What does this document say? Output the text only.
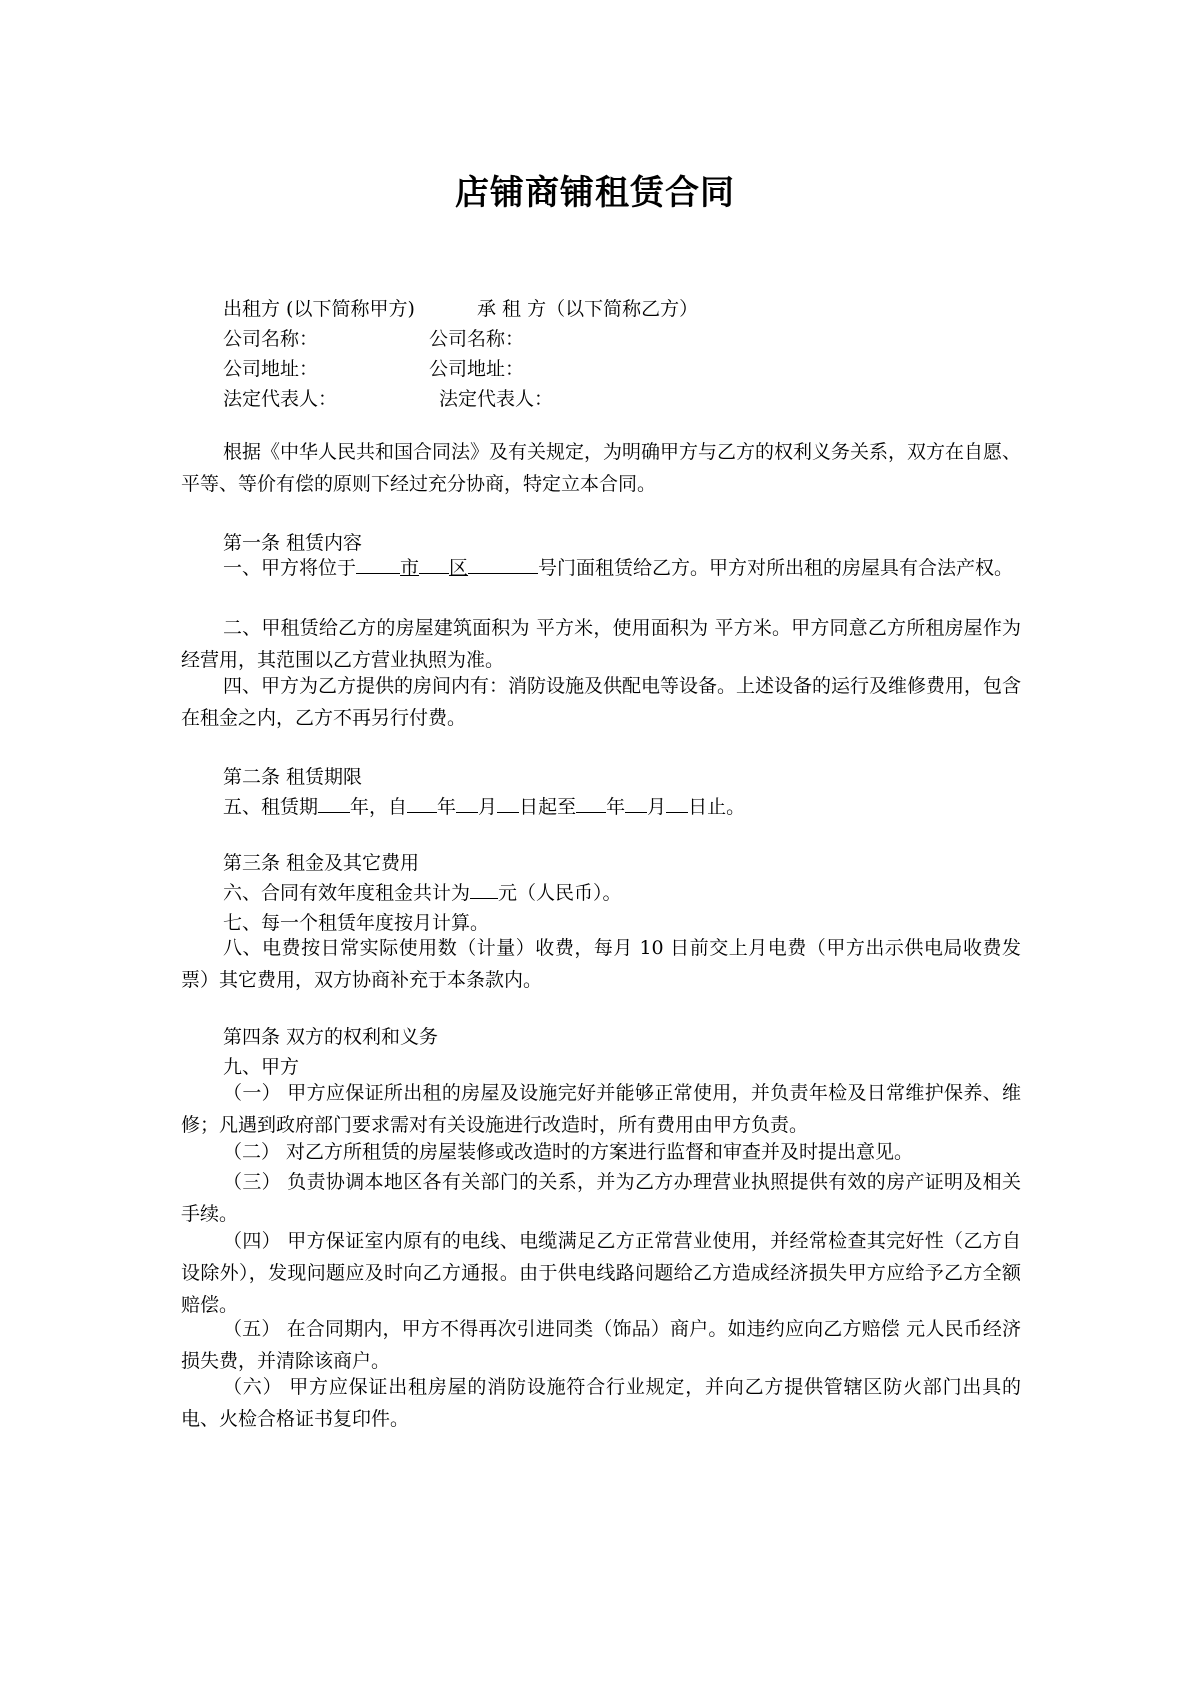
店铺商铺租赁合同
出租方 (以下简称甲方)	承 租 方（以下简称乙方）
公司名称：	公司名称：
公司地址：	公司地址：
法定代表人：	法定代表人：
根据《中华人民共和国合同法》及有关规定，为明确甲方与乙方的权利义务关系，双方在自愿、平等、等价有偿的原则下经过充分协商，特定立本合同。
第一条 租赁内容
一、甲方将位于 市 区	号门面租赁给乙方。甲方对所出租的房屋具有合法产权。
二、甲租赁给乙方的房屋建筑面积为 平方米，使用面积为 平方米。甲方同意乙方所租房屋作为经营用，其范围以乙方营业执照为准。
四、甲方为乙方提供的房间内有：消防设施及供配电等设备。上述设备的运行及维修费用，包含在租金之内，乙方不再另行付费。
第二条 租赁期限
五、租赁期 年，自 年 月 日起至 年 月 日止。
第三条 租金及其它费用
六、合同有效年度租金共计为 元（人民币）。
七、每一个租赁年度按月计算。
八、电费按日常实际使用数（计量）收费，每月 10 日前交上月电费（甲方出示供电局收费发票）其它费用，双方协商补充于本条款内。
第四条 双方的权利和义务
九、甲方
（一） 甲方应保证所出租的房屋及设施完好并能够正常使用，并负责年检及日常维护保养、维修；凡遇到政府部门要求需对有关设施进行改造时，所有费用由甲方负责。
（二） 对乙方所租赁的房屋装修或改造时的方案进行监督和审查并及时提出意见。
（三） 负责协调本地区各有关部门的关系，并为乙方办理营业执照提供有效的房产证明及相关手续。
（四） 甲方保证室内原有的电线、电缆满足乙方正常营业使用，并经常检查其完好性（乙方自设除外），发现问题应及时向乙方通报。由于供电线路问题给乙方造成经济损失甲方应给予乙方全额赔偿。
（五） 在合同期内，甲方不得再次引进同类（饰品）商户。如违约应向乙方赔偿 元人民币经济损失费，并清除该商户。
（六） 甲方应保证出租房屋的消防设施符合行业规定，并向乙方提供管辖区防火部门出具的电、火检合格证书复印件。
